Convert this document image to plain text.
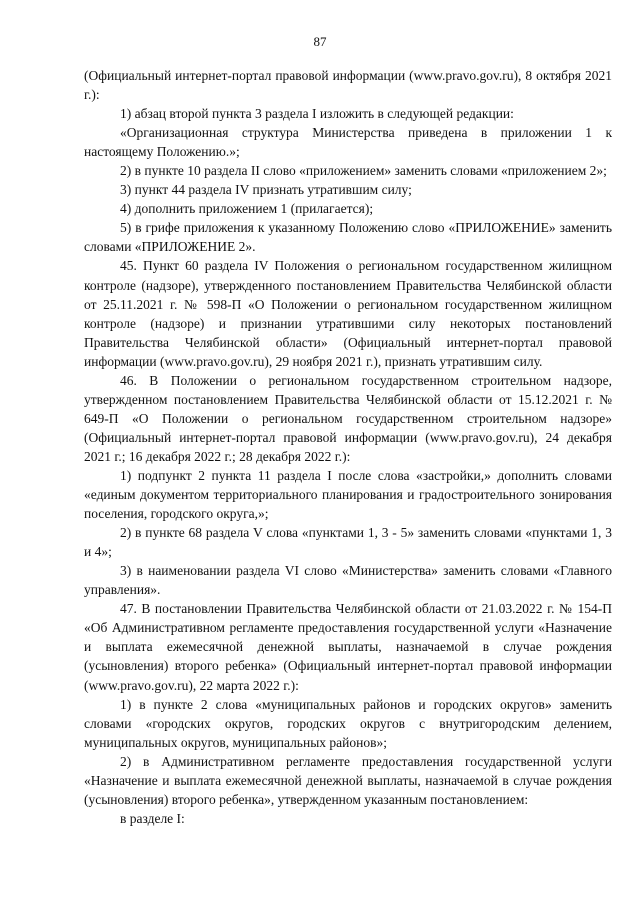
87

(Официальный интернет-портал правовой информации (www.pravo.gov.ru), 8 октября 2021 г.):

1) абзац второй пункта 3 раздела I изложить в следующей редакции:

«Организационная структура Министерства приведена в приложении 1 к настоящему Положению.»;

2) в пункте 10 раздела II слово «приложением» заменить словами «приложением 2»;

3) пункт 44 раздела IV признать утратившим силу;

4) дополнить приложением 1 (прилагается);

5) в грифе приложения к указанному Положению слово «ПРИЛОЖЕНИЕ» заменить словами «ПРИЛОЖЕНИЕ 2».

45. Пункт 60 раздела IV Положения о региональном государственном жилищном контроле (надзоре), утвержденного постановлением Правительства Челябинской области от 25.11.2021 г. № 598-П «О Положении о региональном государственном жилищном контроле (надзоре) и признании утратившими силу некоторых постановлений Правительства Челябинской области» (Официальный интернет-портал правовой информации (www.pravo.gov.ru), 29 ноября 2021 г.), признать утратившим силу.

46. В Положении о региональном государственном строительном надзоре, утвержденном постановлением Правительства Челябинской области от 15.12.2021 г. № 649-П «О Положении о региональном государственном строительном надзоре» (Официальный интернет-портал правовой информации (www.pravo.gov.ru), 24 декабря 2021 г.; 16 декабря 2022 г.; 28 декабря 2022 г.):

1) подпункт 2 пункта 11 раздела I после слова «застройки,» дополнить словами «единым документом территориального планирования и градостроительного зонирования поселения, городского округа,»;

2) в пункте 68 раздела V слова «пунктами 1, 3 - 5» заменить словами «пунктами 1, 3 и 4»;

3) в наименовании раздела VI слово «Министерства» заменить словами «Главного управления».

47. В постановлении Правительства Челябинской области от 21.03.2022 г. № 154-П «Об Административном регламенте предоставления государственной услуги «Назначение и выплата ежемесячной денежной выплаты, назначаемой в случае рождения (усыновления) второго ребенка» (Официальный интернет-портал правовой информации (www.pravo.gov.ru), 22 марта 2022 г.):

1) в пункте 2 слова «муниципальных районов и городских округов» заменить словами «городских округов, городских округов с внутригородским делением, муниципальных округов, муниципальных районов»;

2) в Административном регламенте предоставления государственной услуги «Назначение и выплата ежемесячной денежной выплаты, назначаемой в случае рождения (усыновления) второго ребенка», утвержденном указанным постановлением:

в разделе I:
